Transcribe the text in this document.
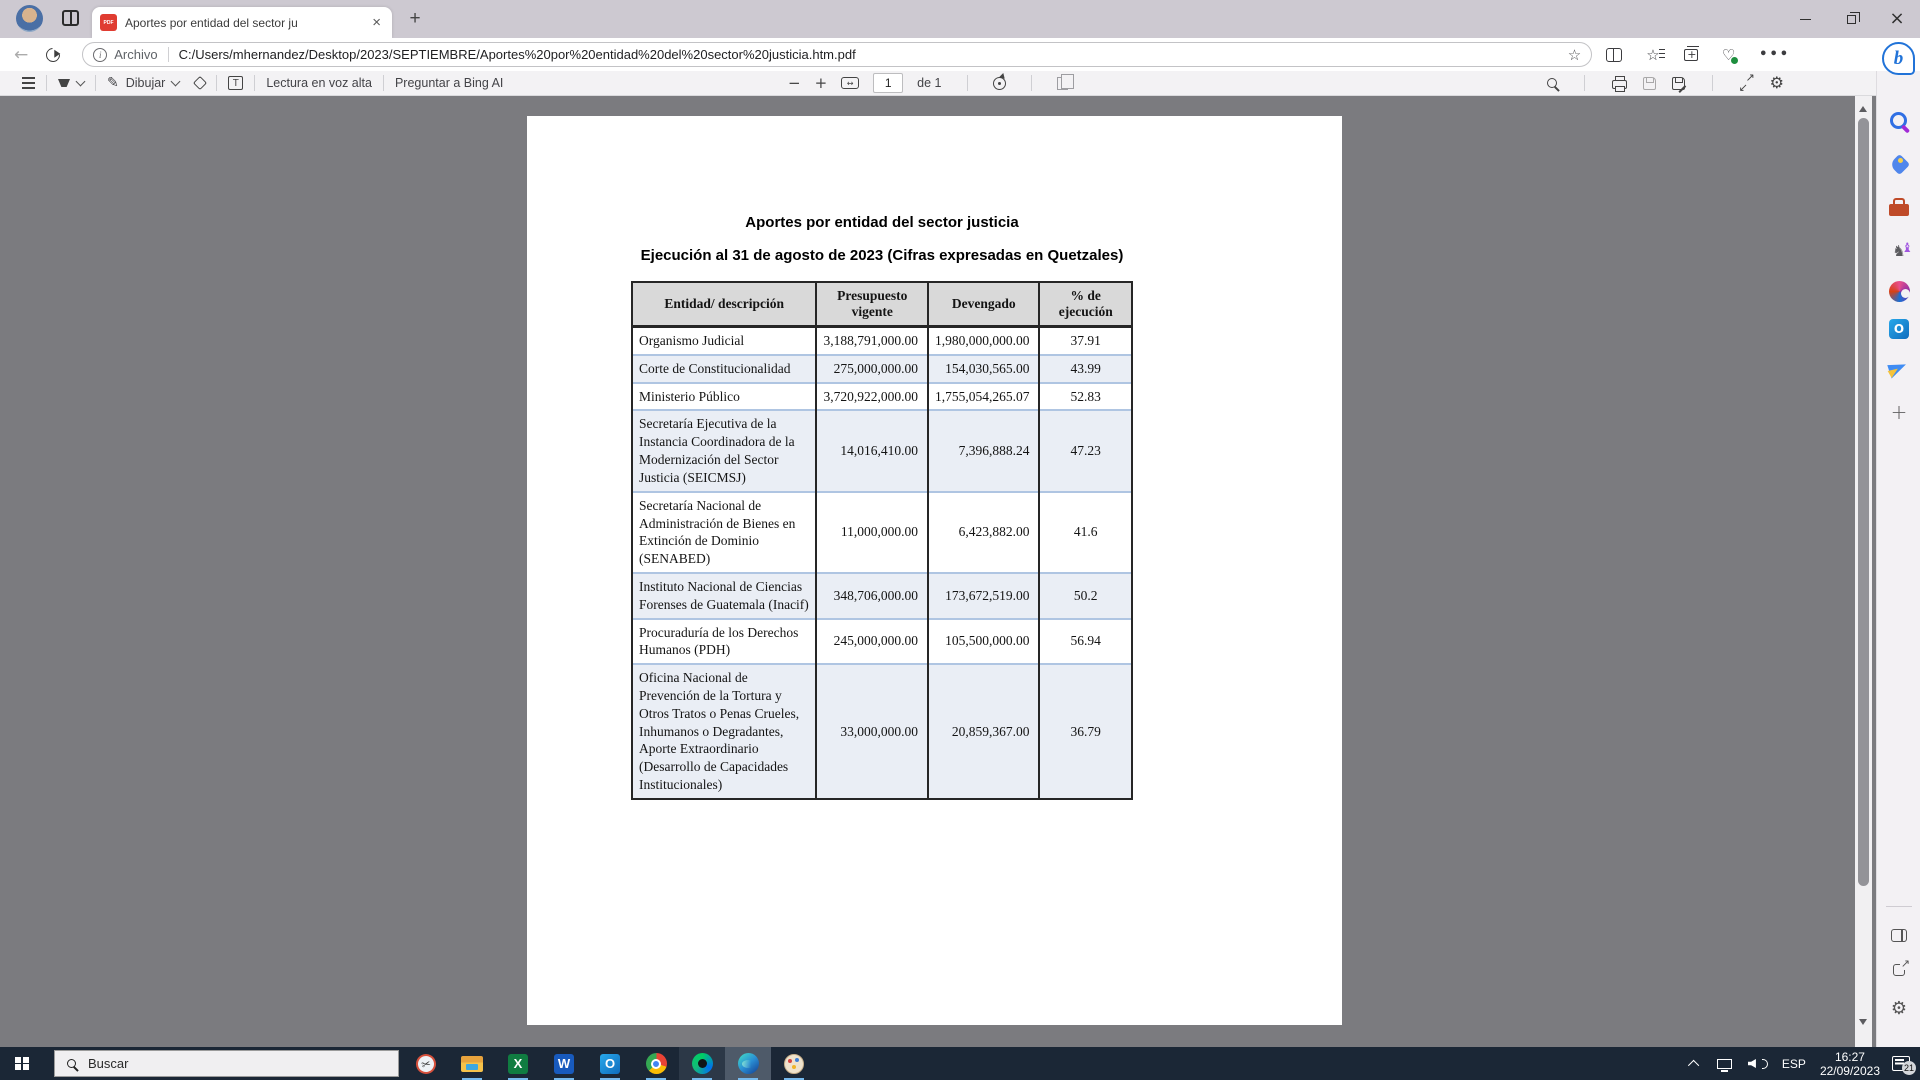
PDF Aportes por entidad del sector ju	×	+	×
←	i Archivo C:/Users/mhernandez/Desktop/2023/SEPTIEMBRE/Aportes%20por%20entidad%20del%20sector%20justicia.htm.pdf	☆ ☆ + ♡	•••
✎ Dibujar	T	Lectura en voz alta Preguntar a Bing AI	− +	↔
1	de 1 ↗ ↙	⚙
Aportes por entidad del sector justicia
Ejecución al 31 de agosto de 2023 (Cifras expresadas en Quetzales)
Entidad/ descripción	Presupuesto vigente	Devengado	% de ejecución
Organismo Judicial	3,188,791,000.00	1,980,000,000.00	37.91
Corte de Constitucionalidad	275,000,000.00	154,030,565.00	43.99
Ministerio Público	3,720,922,000.00	1,755,054,265.07	52.83
Secretaría Ejecutiva de la Instancia Coordinadora de la Modernización del Sector Justicia (SEICMSJ)	14,016,410.00	7,396,888.24	47.23
Secretaría Nacional de Administración de Bienes en Extinción de Dominio (SENABED)	11,000,000.00	6,423,882.00	41.6
Instituto Nacional de Ciencias Forenses de Guatemala (Inacif)	348,706,000.00	173,672,519.00	50.2
Procuraduría de los Derechos Humanos (PDH)	245,000,000.00	105,500,000.00	56.94
Oficina Nacional de Prevención de la Tortura y Otros Tratos o Penas Crueles, Inhumanos o Degradantes, Aporte Extraordinario (Desarrollo de Capacidades Institucionales)	33,000,000.00	20,859,367.00	36.79
♞ ♝
O
+
↗
⚙
b
Buscar
✂	X	W	O	ESP	16:27
22/09/2023	21
